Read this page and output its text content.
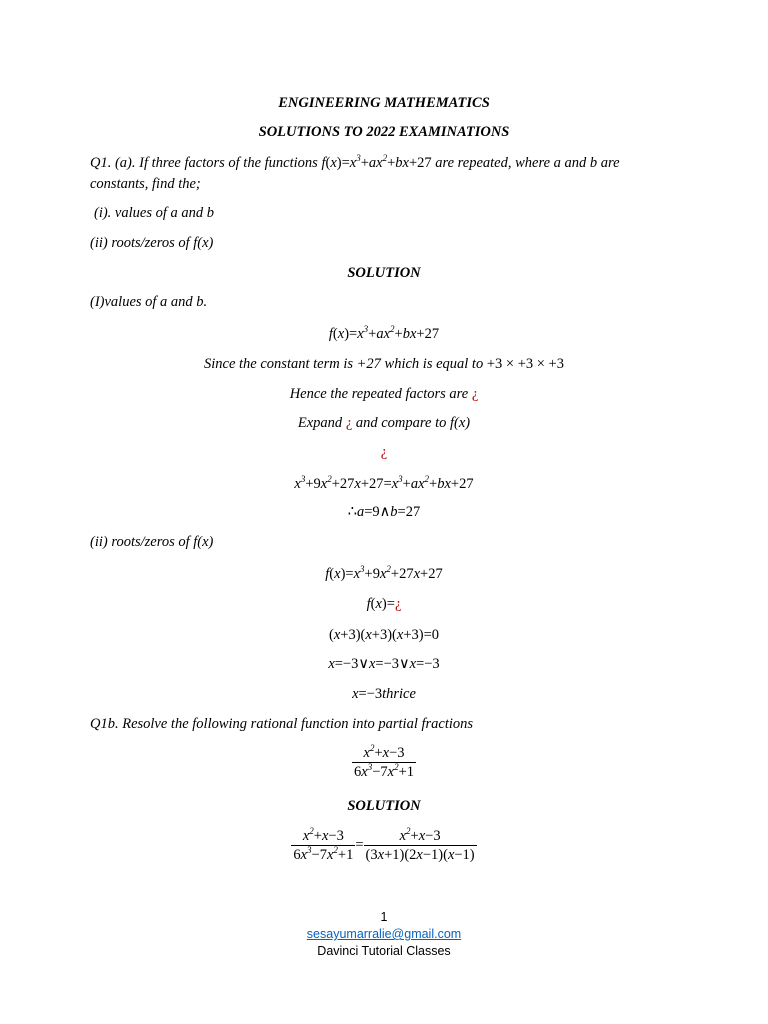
ENGINEERING MATHEMATICS
SOLUTIONS TO 2022 EXAMINATIONS
Q1. (a). If three factors of the functions $f(x)=x^3+ax^2+bx+27$ are repeated, where a and b are
constants, find the;
(i). values of a and b
(ii) roots/zeros of f(x)
SOLUTION
(I)values of a and b.
$f(x)=x^3+ax^2+bx+27$
Since the constant term is +27 which is equal to +3 × +3 × +3
Hence the repeated factors are ¿
Expand ¿ and compare to f(x)
¿
$x^3+9x^2+27x+27=x^3+ax^2+bx+27$
∴a=9∧b=27
(ii) roots/zeros of f(x)
$f(x)=x^3+9x^2+27x+27$
f(x)=¿
(x+3)(x+3)(x+3)=0
x=−3∨x=−3∨x=−3
x=−3thrice
Q1b. Resolve the following rational function into partial fractions
$\frac{x^2+x-3}{6x^3-7x^2+1}$
SOLUTION
$\frac{x^2+x-3}{6x^3-7x^2+1} = \frac{x^2+x-3}{(3x+1)(2x-1)(x-1)}$
1
sesayumarralie@gmail.com
Davinci Tutorial Classes
